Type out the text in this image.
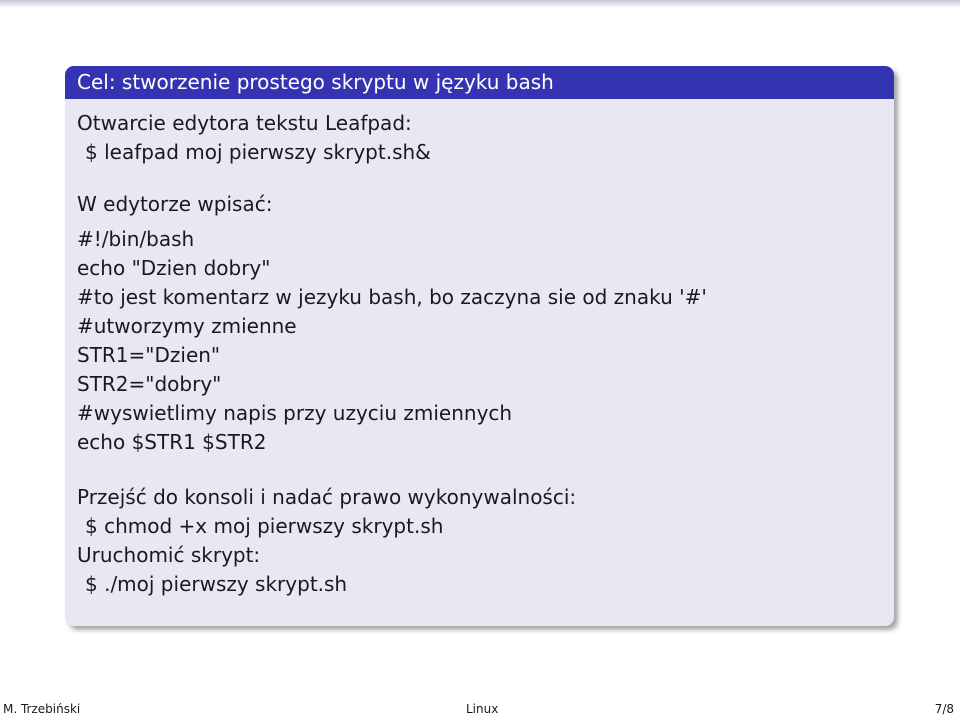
Cel: stworzenie prostego skryptu w języku bash
Otwarcie edytora tekstu Leafpad:
$ leafpad moj pierwszy skrypt.sh&
W edytorze wpisać:
#!/bin/bash
echo "Dzien dobry"
#to jest komentarz w jezyku bash, bo zaczyna sie od znaku '#'
#utworzymy zmienne
STR1="Dzien"
STR2="dobry"
#wyswietlimy napis przy uzyciu zmiennych
echo $STR1 $STR2
Przejść do konsoli i nadać prawo wykonywalności:
$ chmod +x moj pierwszy skrypt.sh
Uruchomić skrypt:
$ ./moj pierwszy skrypt.sh
M. Trzebiński	Linux	7/8
